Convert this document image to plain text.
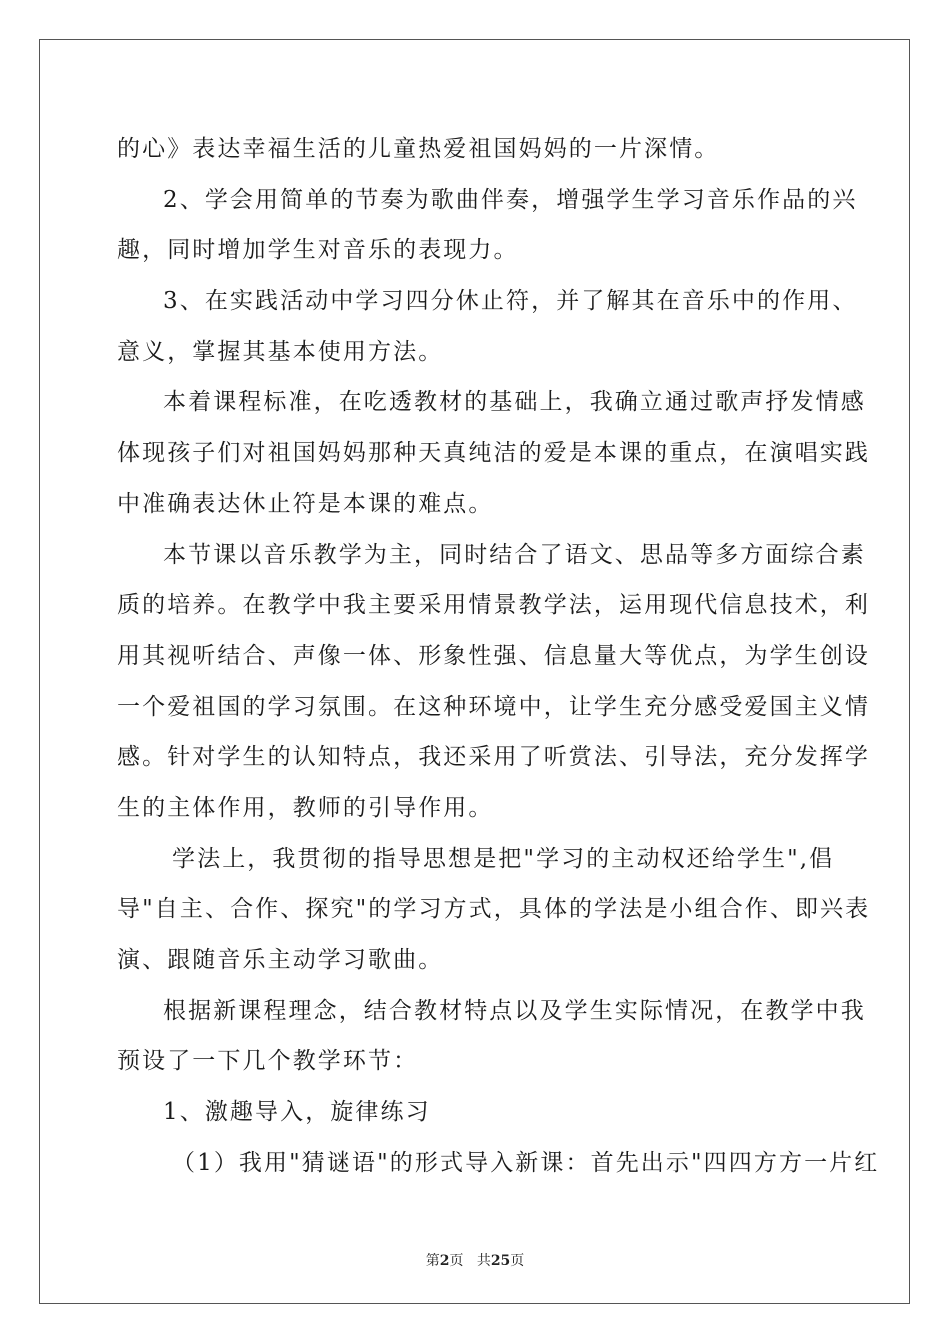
的心》表达幸福生活的儿童热爱祖国妈妈的一片深情。
2、学会用简单的节奏为歌曲伴奏，增强学生学习音乐作品的兴
趣，同时增加学生对音乐的表现力。
3、在实践活动中学习四分休止符，并了解其在音乐中的作用、
意义，掌握其基本使用方法。
本着课程标准，在吃透教材的基础上，我确立通过歌声抒发情感
体现孩子们对祖国妈妈那种天真纯洁的爱是本课的重点，在演唱实践
中准确表达休止符是本课的难点。
本节课以音乐教学为主，同时结合了语文、思品等多方面综合素
质的培养。在教学中我主要采用情景教学法，运用现代信息技术，利
用其视听结合、声像一体、形象性强、信息量大等优点，为学生创设
一个爱祖国的学习氛围。在这种环境中，让学生充分感受爱国主义情
感。针对学生的认知特点，我还采用了听赏法、引导法，充分发挥学
生的主体作用，教师的引导作用。
学法上，我贯彻的指导思想是把"学习的主动权还给学生",倡
导"自主、合作、探究"的学习方式，具体的学法是小组合作、即兴表
演、跟随音乐主动学习歌曲。
根据新课程理念，结合教材特点以及学生实际情况，在教学中我
预设了一下几个教学环节：
1、激趣导入，旋律练习
（1）我用"猜谜语"的形式导入新课：首先出示"四四方方一片红
第2页 共25页
